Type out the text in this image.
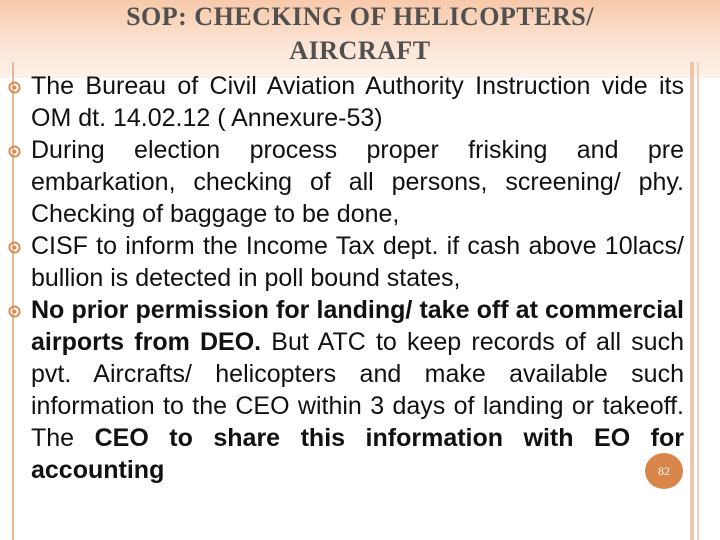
SOP: CHECKING OF HELICOPTERS/
AIRCRAFT

The Bureau of Civil Aviation Authority Instruction vide its OM dt. 14.02.12 ( Annexure-53)

During election process proper frisking and pre embarkation, checking of all persons, screening/ phy. Checking of baggage to be done,

CISF to inform the Income Tax dept. if cash above 10lacs/ bullion is detected in poll bound states,

No prior permission for landing/ take off at commercial airports from DEO. But ATC to keep records of all such pvt. Aircrafts/ helicopters and make available such information to the CEO within 3 days of landing or takeoff. The CEO to share this information with EO for accounting	82
